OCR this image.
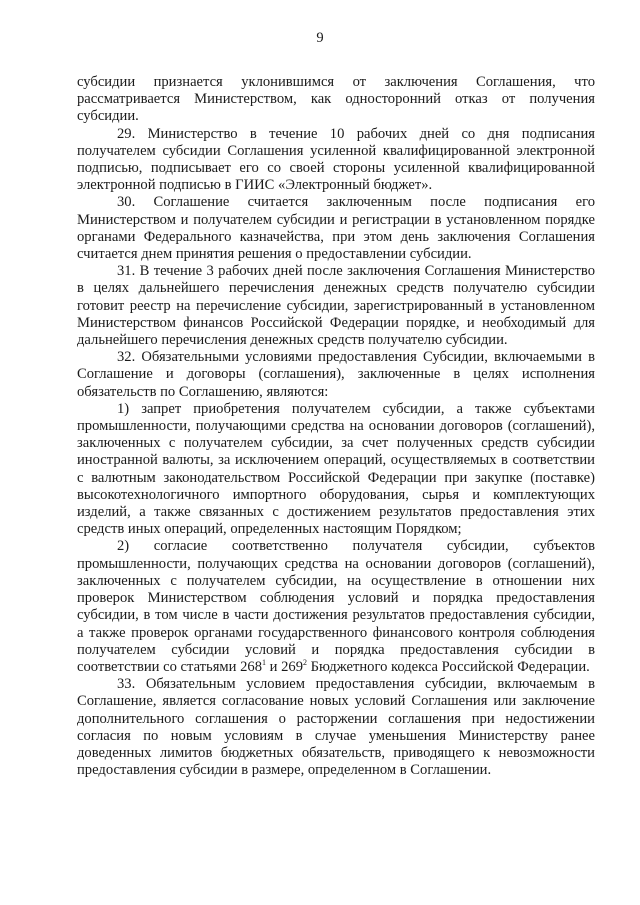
9

субсидии признается уклонившимся от заключения Соглашения, что рассматривается Министерством, как односторонний отказ от получения субсидии.

29. Министерство в течение 10 рабочих дней со дня подписания получателем субсидии Соглашения усиленной квалифицированной электронной подписью, подписывает его со своей стороны усиленной квалифицированной электронной подписью в ГИИС «Электронный бюджет».

30. Соглашение считается заключенным после подписания его Министерством и получателем субсидии и регистрации в установленном порядке органами Федерального казначейства, при этом день заключения Соглашения считается днем принятия решения о предоставлении субсидии.

31. В течение 3 рабочих дней после заключения Соглашения Министерство в целях дальнейшего перечисления денежных средств получателю субсидии готовит реестр на перечисление субсидии, зарегистрированный в установленном Министерством финансов Российской Федерации порядке, и необходимый для дальнейшего перечисления денежных средств получателю субсидии.

32. Обязательными условиями предоставления Субсидии, включаемыми в Соглашение и договоры (соглашения), заключенные в целях исполнения обязательств по Соглашению, являются:

1) запрет приобретения получателем субсидии, а также субъектами промышленности, получающими средства на основании договоров (соглашений), заключенных с получателем субсидии, за счет полученных средств субсидии иностранной валюты, за исключением операций, осуществляемых в соответствии с валютным законодательством Российской Федерации при закупке (поставке) высокотехнологичного импортного оборудования, сырья и комплектующих изделий, а также связанных с достижением результатов предоставления этих средств иных операций, определенных настоящим Порядком;

2) согласие соответственно получателя субсидии, субъектов промышленности, получающих средства на основании договоров (соглашений), заключенных с получателем субсидии, на осуществление в отношении них проверок Министерством соблюдения условий и порядка предоставления субсидии, в том числе в части достижения результатов предоставления субсидии, а также проверок органами государственного финансового контроля соблюдения получателем субсидии условий и порядка предоставления субсидии в соответствии со статьями $268^1$ и $269^2$ Бюджетного кодекса Российской Федерации.

33. Обязательным условием предоставления субсидии, включаемым в Соглашение, является согласование новых условий Соглашения или заключение дополнительного соглашения о расторжении соглашения при недостижении согласия по новым условиям в случае уменьшения Министерству ранее доведенных лимитов бюджетных обязательств, приводящего к невозможности предоставления субсидии в размере, определенном в Соглашении.
